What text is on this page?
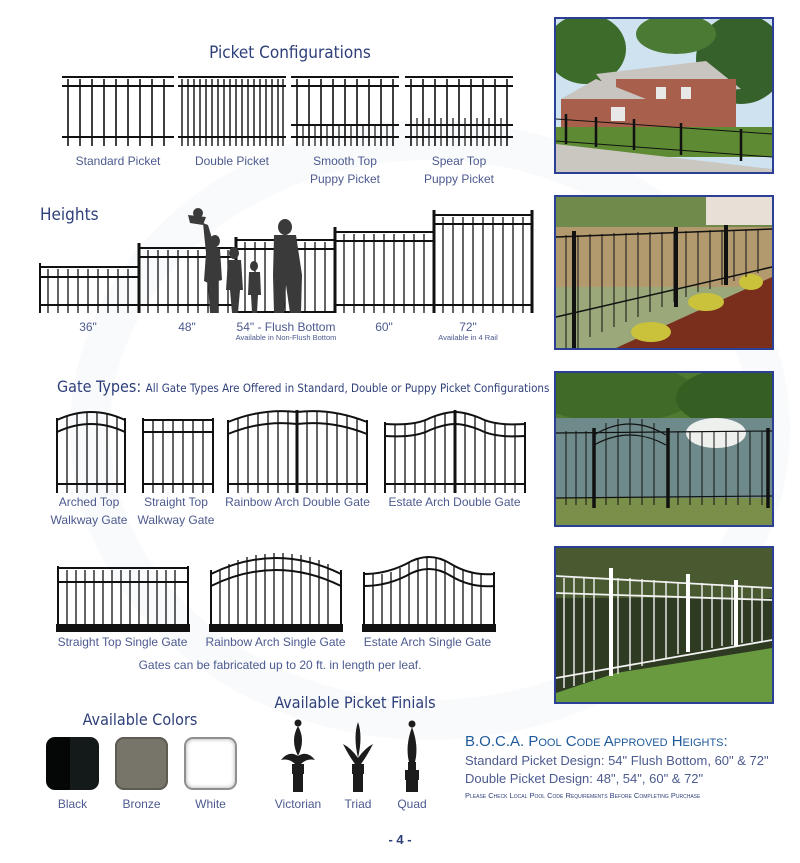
Picket Configurations
Standard Picket	Double Picket	Smooth Top
Puppy Picket
Spear Top
Puppy Picket
Heights
36"	48"	54" - Flush Bottom
Available in Non-Flush Bottom
60"	72"
Available in 4 Rail
Gate Types: All Gate Types Are Offered in Standard, Double or Puppy Picket Configurations
Arched Top
Walkway Gate
Straight Top
Walkway Gate
Rainbow Arch Double Gate	Estate Arch Double Gate
Straight Top Single Gate	Rainbow Arch Single Gate	Estate Arch Single Gate
Gates can be fabricated up to 20 ft. in length per leaf.
Available Colors
Black	Bronze	White
Available Picket Finials
Victorian	Triad	Quad
B.O.C.A. Pool Code Approved Heights:
Standard Picket Design: 54" Flush Bottom, 60" & 72"
Double Picket Design: 48", 54", 60" & 72"
Please Check Local Pool Code Requirements Before Completing Purchase
- 4 -
